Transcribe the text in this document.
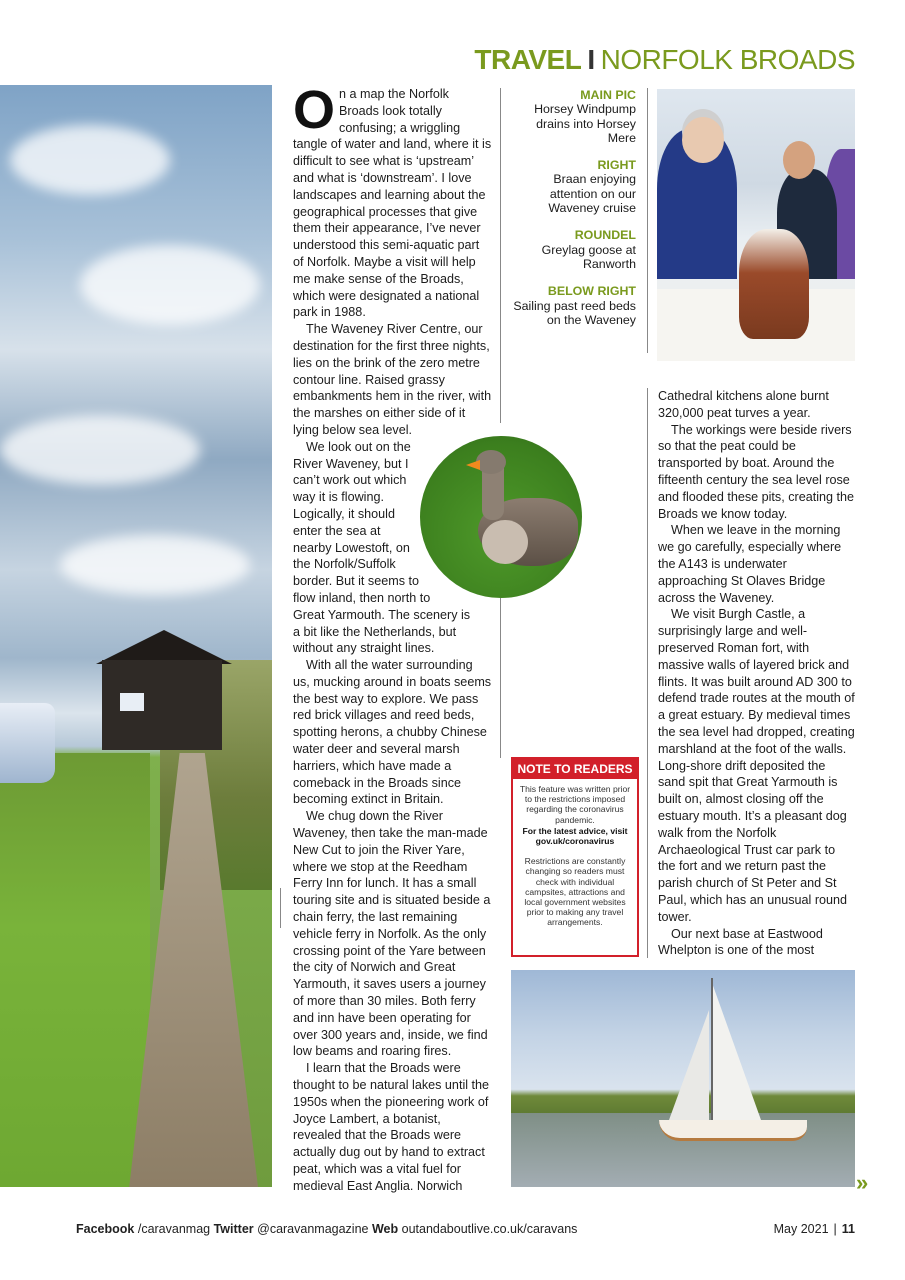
TRAVEL I NORFOLK BROADS
MAIN PIC
Horsey Windpump drains into Horsey Mere
RIGHT
Braan enjoying attention on our Waveney cruise
ROUNDEL
Greylag goose at Ranworth
BELOW RIGHT
Sailing past reed beds on the Waveney

On a map the Norfolk Broads look totally confusing; a wriggling tangle of water and land, where it is difficult to see what is ‘upstream’ and what is ‘downstream’. I love landscapes and learning about the geographical processes that give them their appearance, I’ve never understood this semi-aquatic part of Norfolk. Maybe a visit will help me make sense of the Broads, which were designated a national park in 1988.

The Waveney River Centre, our destination for the first three nights, lies on the brink of the zero metre contour line. Raised grassy embankments hem in the river, with the marshes on either side of it lying below sea level.

We look out on the
River Waveney, but I
can’t work out which
way it is flowing.
Logically, it should
enter the sea at
nearby Lowestoft, on
the Norfolk/Suffolk
border. But it seems to
flow inland, then north to
Great Yarmouth. The scenery is
a bit like the Netherlands, but
without any straight lines.

With all the water surrounding us, mucking around in boats seems the best way to explore. We pass red brick villages and reed beds, spotting herons, a chubby Chinese water deer and several marsh harriers, which have made a comeback in the Broads since becoming extinct in Britain.

We chug down the River Waveney, then take the man-made New Cut to join the River Yare, where we stop at the Reedham Ferry Inn for lunch. It has a small touring site and is situated beside a chain ferry, the last remaining vehicle ferry in Norfolk. As the only crossing point of the Yare between the city of Norwich and Great Yarmouth, it saves users a journey of more than 30 miles. Both ferry and inn have been operating for over 300 years and, inside, we find low beams and roaring fires.

I learn that the Broads were thought to be natural lakes until the 1950s when the pioneering work of Joyce Lambert, a botanist, revealed that the Broads were actually dug out by hand to extract peat, which was a vital fuel for medieval East Anglia. Norwich

Cathedral kitchens alone burnt 320,000 peat turves a year.

The workings were beside rivers so that the peat could be transported by boat. Around the fifteenth century the sea level rose and flooded these pits, creating the Broads we know today.

When we leave in the morning we go carefully, especially where the A143 is underwater approaching St Olaves Bridge across the Waveney.

We visit Burgh Castle, a surprisingly large and well-preserved Roman fort, with massive walls of layered brick and flints. It was built around AD 300 to defend trade routes at the mouth of a great estuary. By medieval times the sea level had dropped, creating marshland at the foot of the walls. Long-shore drift deposited the sand spit that Great Yarmouth is built on, almost closing off the estuary mouth. It’s a pleasant dog walk from the Norfolk Archaeological Trust car park to the fort and we return past the parish church of St Peter and St Paul, which has an unusual round tower.

Our next base at Eastwood Whelpton is one of the most

NOTE TO READERS
This feature was written prior to the restrictions imposed regarding the coronavirus pandemic.
For the latest advice, visit gov.uk/coronavirus
Restrictions are constantly changing so readers must check with individual campsites, attractions and local government websites prior to making any travel arrangements.
»
Facebook /caravanmag Twitter @caravanmagazine Web outandaboutlive.co.uk/caravans	May 2021 | 11
